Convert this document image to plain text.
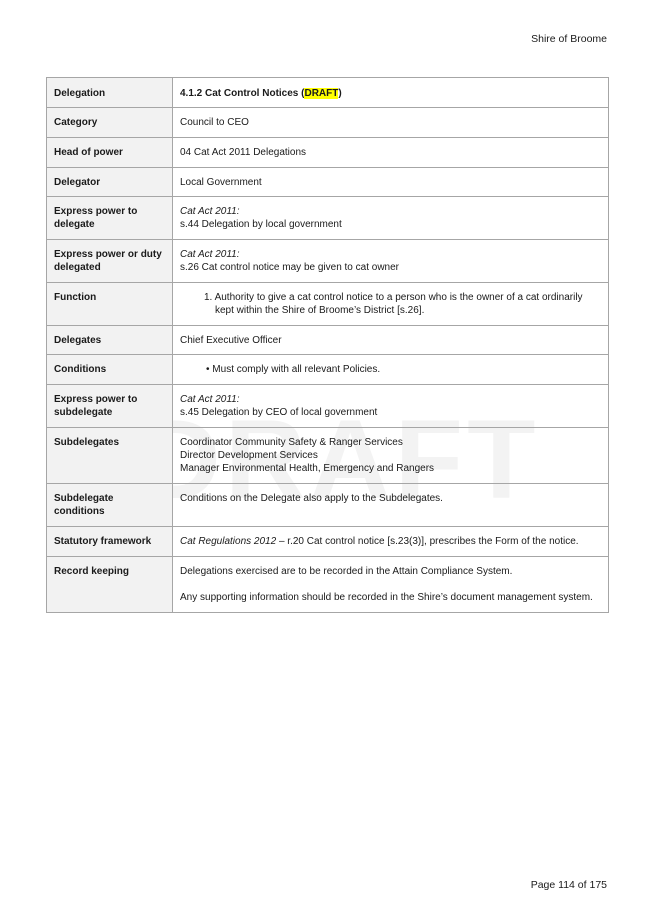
Shire of Broome
Delegation	4.1.2 Cat Control Notices (DRAFT)
Category	Council to CEO
Head of power	04 Cat Act 2011 Delegations
Delegator	Local Government
Express power to delegate	Cat Act 2011:
s.44 Delegation by local government

Express power or duty delegated	Cat Act 2011:
s.26 Cat control notice may be given to cat owner

Function	1. Authority to give a cat control notice to a person who is the owner of a cat ordinarily kept within the Shire of Broome’s District [s.26].

Delegates	Chief Executive Officer
Conditions	• Must comply with all relevant Policies.

Express power to subdelegate	Cat Act 2011:
s.45 Delegation by CEO of local government

Subdelegates	Coordinator Community Safety & Ranger Services
Director Development Services
Manager Environmental Health, Emergency and Rangers

Subdelegate conditions	Conditions on the Delegate also apply to the Subdelegates.
Statutory framework	Cat Regulations 2012 – r.20 Cat control notice [s.23(3)], prescribes the Form of the notice.
Record keeping	Delegations exercised are to be recorded in the Attain Compliance System.
Any supporting information should be recorded in the Shire’s document management system.
Page 114 of 175
